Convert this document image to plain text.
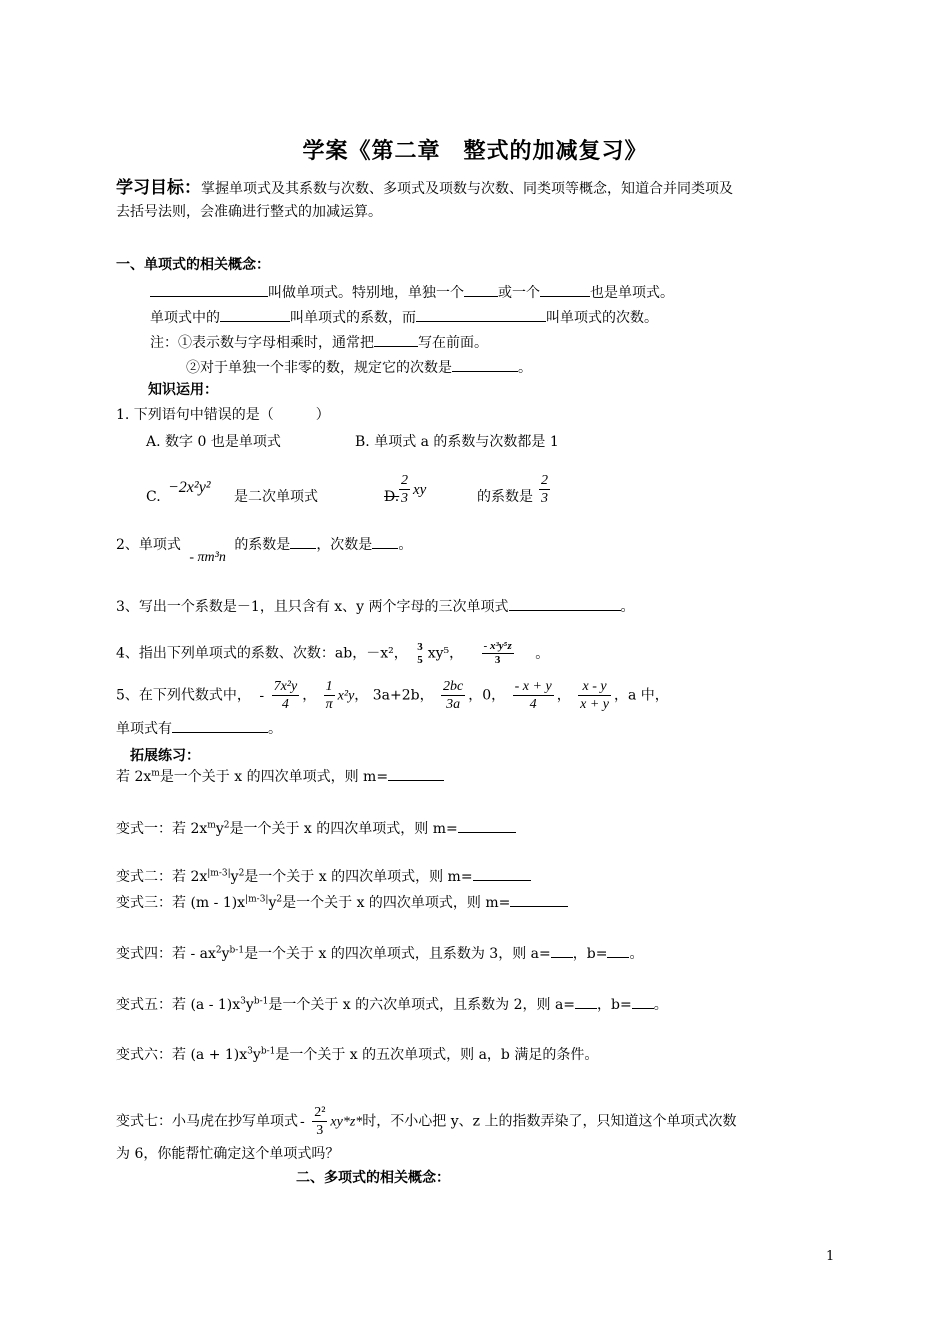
学案《第二章　整式的加减复习》
学习目标：掌握单项式及其系数与次数、多项式及项数与次数、同类项等概念，知道合并同类项及
去括号法则，会准确进行整式的加减运算。
一、单项式的相关概念：
叫做单项式。特别地，单独一个 或一个	也是单项式。
单项式中的	叫单项式的系数，而	叫单项式的次数。
注：①表示数与字母相乘时，通常把	写在前面。
②对于单独一个非零的数，规定它的次数是	。
知识运用：
1. 下列语句中错误的是（　　　）
A. 数字 0 也是单项式	B. 单项式 a 的系数与次数都是 1
C.
−2x²y²
是二次单项式	D. $\frac{2}{3}$ xy	的系数是 $\frac{2}{3}$
2、单项式 - πm³n 的系数是 ，次数是 。
3、写出一个系数是－1，且只含有 x、y 两个字母的三次单项式	。
4、指出下列单项式的系数、次数：ab，－x²， 3
5 xy⁵， $\frac{\text{- x³y⁵z}}{3}$ 。
5、在下列代数式中， - $\frac{\text{7x²y}}{4}$ ， $\frac{1}{\pi} x^2y$， 3a+2b， $\frac{2bc}{3a}$ ，0， $\frac{- x + y}{4}$ ， $\frac{x - y}{x + y}$ ，a 中，
单项式有	。
拓展练习：
若 $2x^m$是一个关于 x 的四次单项式，则 m=
变式一：若 $2x^my^2$是一个关于 x 的四次单项式，则 m=
变式二：若 $2x^{|m-3|}y^2$是一个关于 x 的四次单项式，则 m=
变式三：若 $(m - 1)x^{|m-3|}y^2$是一个关于 x 的四次单项式，则 m=
变式四：若 - $ax^2y^{b-1}$是一个关于 x 的四次单项式，且系数为 3，则 a= ，b= 。
变式五：若 $(a - 1)x^3y^{b-1}$是一个关于 x 的六次单项式，且系数为 2，则 a= ，b= 。
变式六：若 $(a + 1)x^3y^{b-1}$是一个关于 x 的五次单项式，则 a，b 满足的条件。
变式七：小马虎在抄写单项式 - $\frac{\text{2²}}{3} xy*z*$时，不小心把 y、z 上的指数弄染了，只知道这个单项式次数
为 6，你能帮忙确定这个单项式吗？
二、多项式的相关概念：
1
